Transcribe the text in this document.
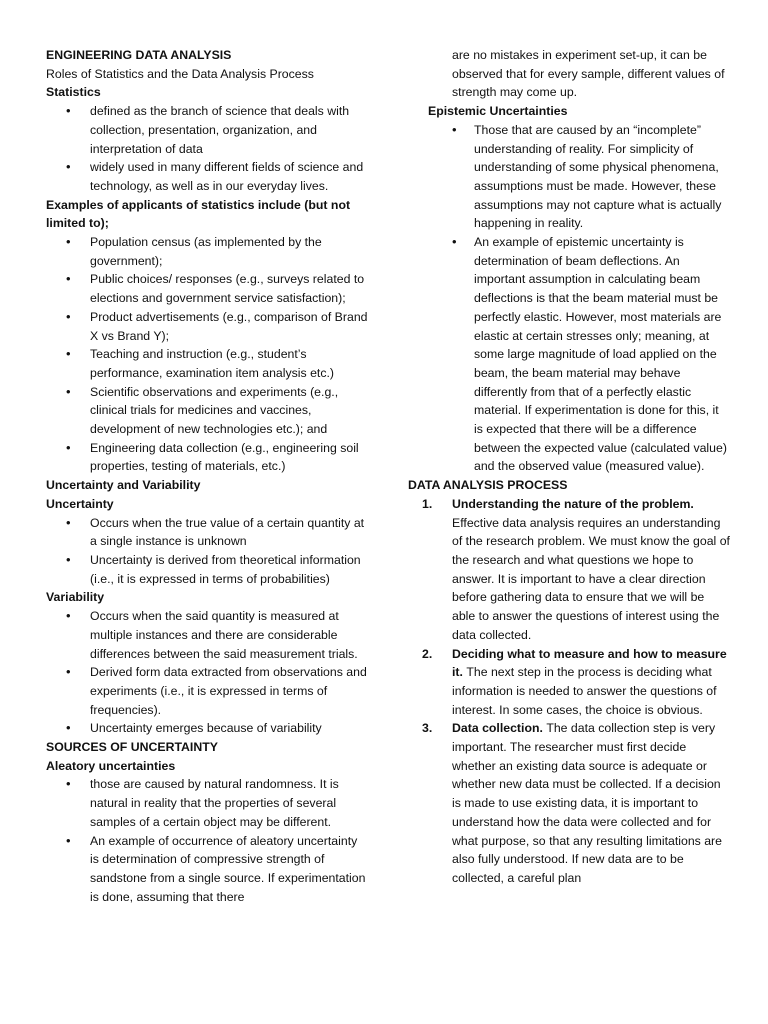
ENGINEERING DATA ANALYSIS

Roles of Statistics and the Data Analysis Process

Statistics

• defined as the branch of science that deals with collection, presentation, organization, and interpretation of data
• widely used in many different fields of science and technology, as well as in our everyday lives.

Examples of applicants of statistics include (but not limited to);

• Population census (as implemented by the government);
• Public choices/ responses (e.g., surveys related to elections and government service satisfaction);
• Product advertisements (e.g., comparison of Brand X vs Brand Y);
• Teaching and instruction (e.g., student’s performance, examination item analysis etc.)
• Scientific observations and experiments (e.g., clinical trials for medicines and vaccines, development of new technologies etc.); and
• Engineering data collection (e.g., engineering soil properties, testing of materials, etc.)

Uncertainty and Variability

Uncertainty

• Occurs when the true value of a certain quantity at a single instance is unknown
• Uncertainty is derived from theoretical information (i.e., it is expressed in terms of probabilities)

Variability

• Occurs when the said quantity is measured at multiple instances and there are considerable differences between the said measurement trials.
• Derived form data extracted from observations and experiments (i.e., it is expressed in terms of frequencies).
• Uncertainty emerges because of variability

SOURCES OF UNCERTAINTY

Aleatory uncertainties

• those are caused by natural randomness. It is natural in reality that the properties of several samples of a certain object may be different.
• An example of occurrence of aleatory uncertainty is determination of compressive strength of sandstone from a single source. If experimentation is done, assuming that there

are no mistakes in experiment set-up, it can be observed that for every sample, different values of strength may come up.

Epistemic Uncertainties

• Those that are caused by an “incomplete” understanding of reality. For simplicity of understanding of some physical phenomena, assumptions must be made. However, these assumptions may not capture what is actually happening in reality.
• An example of epistemic uncertainty is determination of beam deflections. An important assumption in calculating beam deflections is that the beam material must be perfectly elastic. However, most materials are elastic at certain stresses only; meaning, at some large magnitude of load applied on the beam, the beam material may behave differently from that of a perfectly elastic material. If experimentation is done for this, it is expected that there will be a difference between the expected value (calculated value) and the observed value (measured value).

DATA ANALYSIS PROCESS

1. Understanding the nature of the problem. Effective data analysis requires an understanding of the research problem. We must know the goal of the research and what questions we hope to answer. It is important to have a clear direction before gathering data to ensure that we will be able to answer the questions of interest using the data collected.
2. Deciding what to measure and how to measure it. The next step in the process is deciding what information is needed to answer the questions of interest. In some cases, the choice is obvious.
3. Data collection. The data collection step is very important. The researcher must first decide whether an existing data source is adequate or whether new data must be collected. If a decision is made to use existing data, it is important to understand how the data were collected and for what purpose, so that any resulting limitations are also fully understood. If new data are to be collected, a careful plan
